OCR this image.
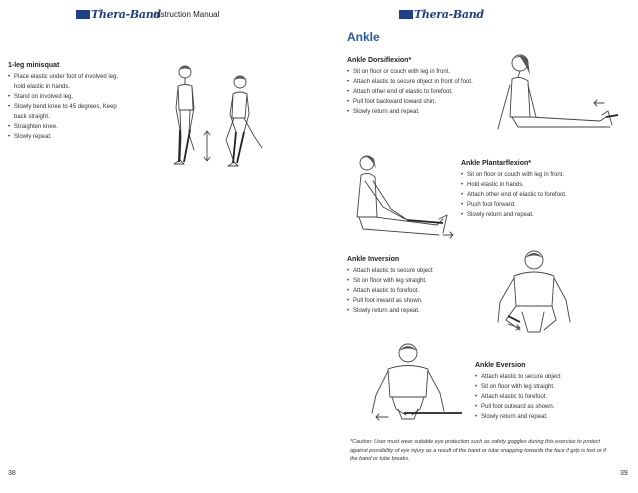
Thera-Band
Instruction Manual
1-leg minisquat
• Place elastic under foot of involved leg, hold elastic in hands.
• Stand on involved leg.
• Slowly bend knee to 45 degrees, Keep back straight.
• Straighten knee.
• Slowly repeat.
38
Thera-Band
Ankle
Ankle Dorsiflexion*
• Sit on floor or couch with leg in front.
• Attach elastic to secure object in front of foot.
• Attach other end of elastic to forefoot.
• Pull foot backward toward shin.
• Slowly return and repeat.
Ankle Plantarflexion*
• Sit on floor or couch with leg in front.
• Hold elastic in hands.
• Attach other end of elastic to forefoot.
• Push foot forward.
• Slowly return and repeat.
Ankle Inversion
• Attach elastic to secure object
• Sit on floor with leg straight.
• Attach elastic to forefoot.
• Pull foot inward as shown.
• Slowly return and repeat.
Ankle Eversion
• Attach elastic to secure object
• Sit on floor with leg straight.
• Attach elastic to forefoot.
• Pull foot outward as shown.
• Slowly return and repeat.
*Caution: User must wear suitable eye protection such as safety goggles during this exercise to protect against possibility of eye injury as a result of the band or tube snapping towards the face if grip is lost or if the band or tube breaks.
39
